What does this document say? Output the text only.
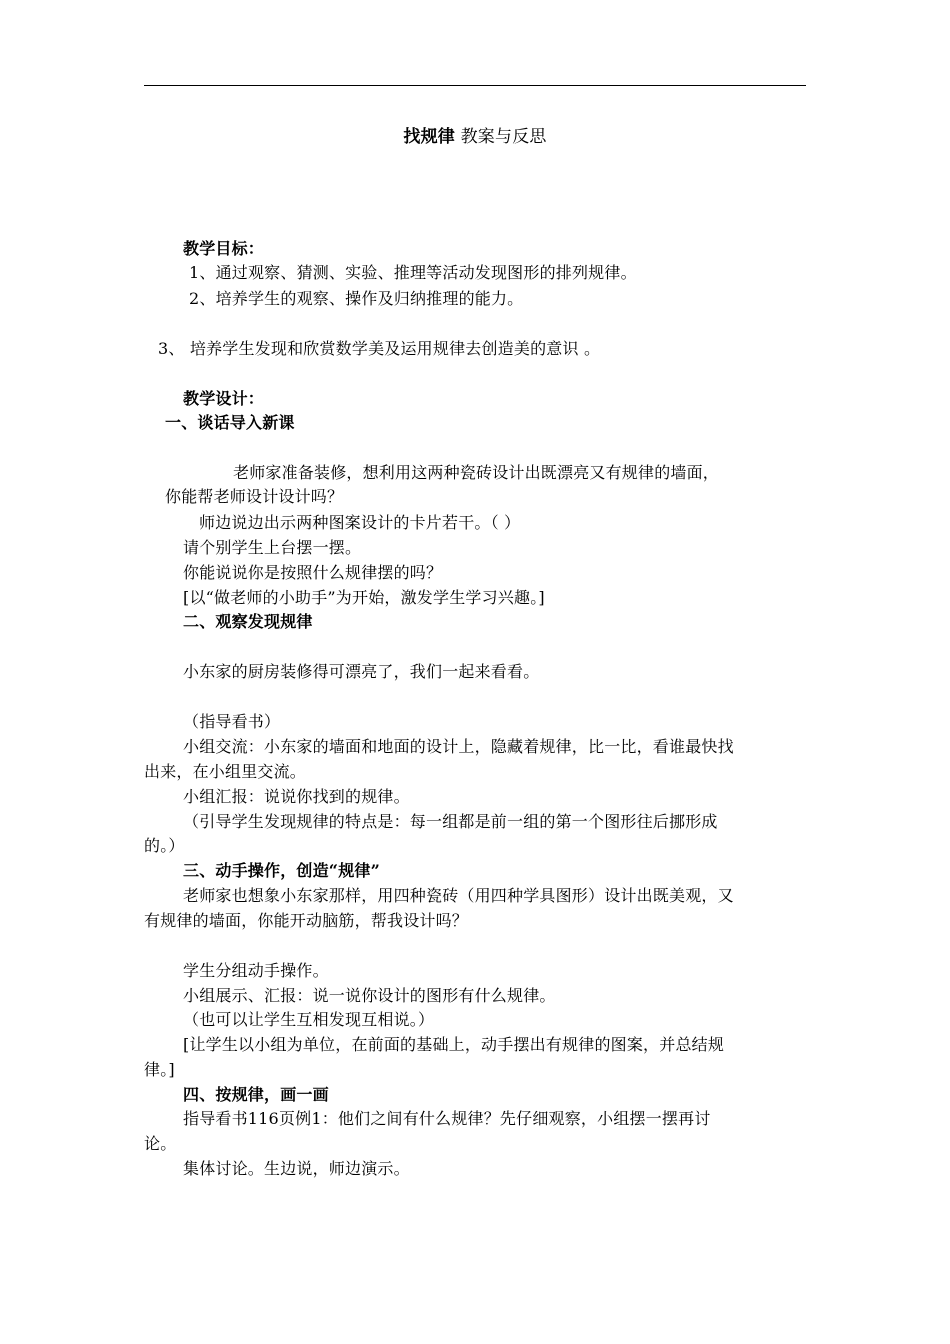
找规律 教案与反思
教学目标：
1、通过观察、猜测、实验、推理等活动发现图形的排列规律。
2、培养学生的观察、操作及归纳推理的能力。
3、 培养学生发现和欣赏数学美及运用规律去创造美的意识 。
教学设计：
一、谈话导入新课
老师家准备装修，想利用这两种瓷砖设计出既漂亮又有规律的墙面，
你能帮老师设计设计吗？
师边说边出示两种图案设计的卡片若干。（ ）
请个别学生上台摆一摆。
你能说说你是按照什么规律摆的吗？
[以“做老师的小助手”为开始，激发学生学习兴趣。]
二、观察发现规律
小东家的厨房装修得可漂亮了，我们一起来看看。
（指导看书）
小组交流：小东家的墙面和地面的设计上，隐藏着规律，比一比，看谁最快找
出来，在小组里交流。
小组汇报：说说你找到的规律。
（引导学生发现规律的特点是：每一组都是前一组的第一个图形往后挪形成
的。）
三、动手操作，创造“规律”
老师家也想象小东家那样，用四种瓷砖（用四种学具图形）设计出既美观，又
有规律的墙面，你能开动脑筋，帮我设计吗？
学生分组动手操作。
小组展示、汇报：说一说你设计的图形有什么规律。
（也可以让学生互相发现互相说。）
[让学生以小组为单位，在前面的基础上，动手摆出有规律的图案，并总结规
律。]
四、按规律，画一画
指导看书116页例1：他们之间有什么规律？先仔细观察，小组摆一摆再讨
论。
集体讨论。生边说，师边演示。
